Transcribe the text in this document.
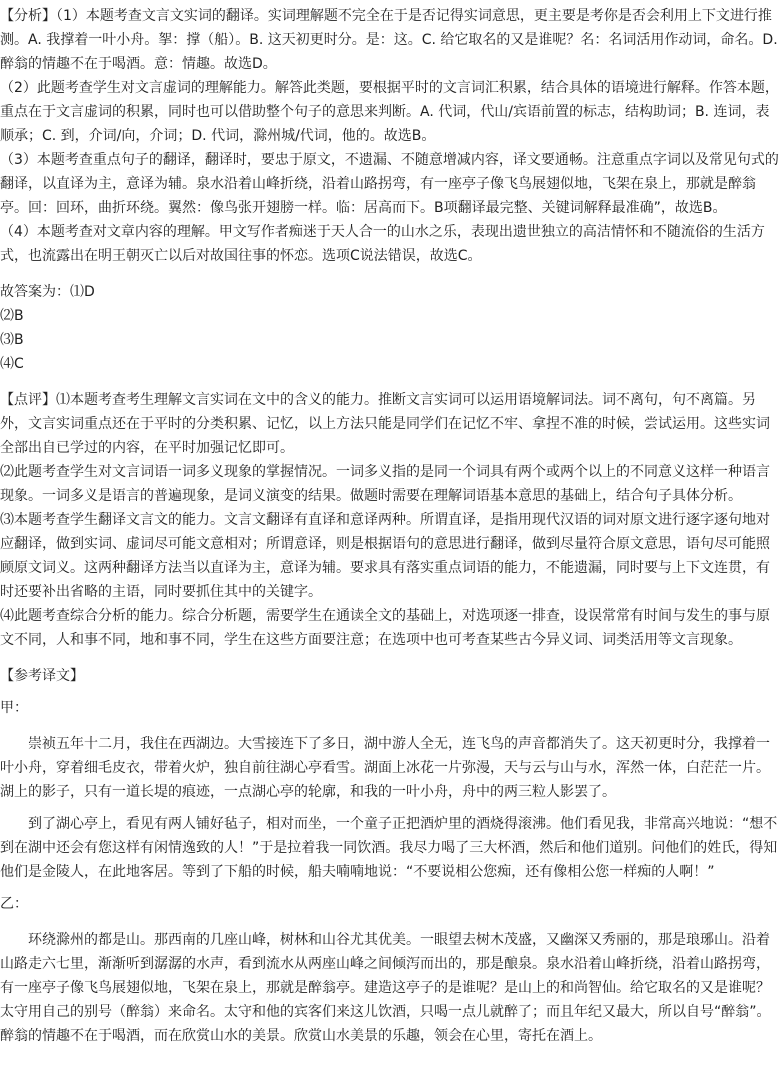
【分析】（1）本题考查文言文实词的翻译。实词理解题不完全在于是否记得实词意思，更主要是考你是否会利用上下文进行推测。A. 我撑着一叶小舟。挐：撑（船）。B. 这天初更时分。是：这。C. 给它取名的又是谁呢？名：名词活用作动词，命名。D. 醉翁的情趣不在于喝酒。意：情趣。故选D。

（2）此题考查学生对文言虚词的理解能力。解答此类题，要根据平时的文言词汇积累，结合具体的语境进行解释。作答本题，重点在于文言虚词的积累，同时也可以借助整个句子的意思来判断。A. 代词，代山/宾语前置的标志，结构助词；B. 连词，表顺承；C. 到，介词/向，介词；D. 代词，滁州城/代词，他的。故选B。

（3）本题考查重点句子的翻译，翻译时，要忠于原文，不遗漏、不随意增减内容，译文要通畅。注意重点字词以及常见句式的翻译，以直译为主，意译为辅。泉水沿着山峰折绕，沿着山路拐弯，有一座亭子像飞鸟展翅似地，飞架在泉上，那就是醉翁亭。回：回环，曲折环绕。翼然：像鸟张开翅膀一样。临：居高而下。B项翻译最完整、关键词解释最准确”，故选B。

（4）本题考查对文章内容的理解。甲文写作者痴迷于天人合一的山水之乐，表现出遗世独立的高洁情怀和不随流俗的生活方式，也流露出在明王朝灭亡以后对故国往事的怀恋。选项C说法错误，故选C。

故答案为：⑴D

⑵B

⑶B

⑷C

【点评】⑴本题考查考生理解文言实词在文中的含义的能力。推断文言实词可以运用语境解词法。词不离句，句不离篇。另外，文言实词重点还在于平时的分类积累、记忆，以上方法只能是同学们在记忆不牢、拿捏不准的时候，尝试运用。这些实词全部出自已学过的内容，在平时加强记忆即可。

⑵此题考查学生对文言词语一词多义现象的掌握情况。一词多义指的是同一个词具有两个或两个以上的不同意义这样一种语言现象。一词多义是语言的普遍现象，是词义演变的结果。做题时需要在理解词语基本意思的基础上，结合句子具体分析。

⑶本题考查学生翻译文言文的能力。文言文翻译有直译和意译两种。所谓直译，是指用现代汉语的词对原文进行逐字逐句地对应翻译，做到实词、虚词尽可能文意相对；所谓意译，则是根据语句的意思进行翻译，做到尽量符合原文意思，语句尽可能照顾原文词义。这两种翻译方法当以直译为主，意译为辅。要求具有落实重点词语的能力，不能遗漏，同时要与上下文连贯，有时还要补出省略的主语，同时要抓住其中的关键字。

⑷此题考查综合分析的能力。综合分析题，需要学生在通读全文的基础上，对选项逐一排查，设误常常有时间与发生的事与原文不同，人和事不同，地和事不同，学生在这些方面要注意；在选项中也可考查某些古今异义词、词类活用等文言现象。

【参考译文】

甲：

崇祯五年十二月，我住在西湖边。大雪接连下了多日，湖中游人全无，连飞鸟的声音都消失了。这天初更时分，我撑着一叶小舟，穿着细毛皮衣，带着火炉，独自前往湖心亭看雪。湖面上冰花一片弥漫，天与云与山与水，浑然一体，白茫茫一片。湖上的影子，只有一道长堤的痕迹，一点湖心亭的轮廓，和我的一叶小舟，舟中的两三粒人影罢了。

到了湖心亭上，看见有两人铺好毡子，相对而坐，一个童子正把酒炉里的酒烧得滚沸。他们看见我，非常高兴地说：“想不到在湖中还会有您这样有闲情逸致的人！”于是拉着我一同饮酒。我尽力喝了三大杯酒，然后和他们道别。问他们的姓氏，得知他们是金陵人，在此地客居。等到了下船的时候，船夫喃喃地说：“不要说相公您痴，还有像相公您一样痴的人啊！”

乙：

环绕滁州的都是山。那西南的几座山峰，树林和山谷尤其优美。一眼望去树木茂盛，又幽深又秀丽的，那是琅琊山。沿着山路走六七里，渐渐听到潺潺的水声，看到流水从两座山峰之间倾泻而出的，那是酿泉。泉水沿着山峰折绕，沿着山路拐弯，有一座亭子像飞鸟展翅似地，飞架在泉上，那就是醉翁亭。建造这亭子的是谁呢？是山上的和尚智仙。给它取名的又是谁呢？太守用自己的别号（醉翁）来命名。太守和他的宾客们来这儿饮酒，只喝一点儿就醉了；而且年纪又最大，所以自号“醉翁”。醉翁的情趣不在于喝酒，而在欣赏山水的美景。欣赏山水美景的乐趣，领会在心里，寄托在酒上。
